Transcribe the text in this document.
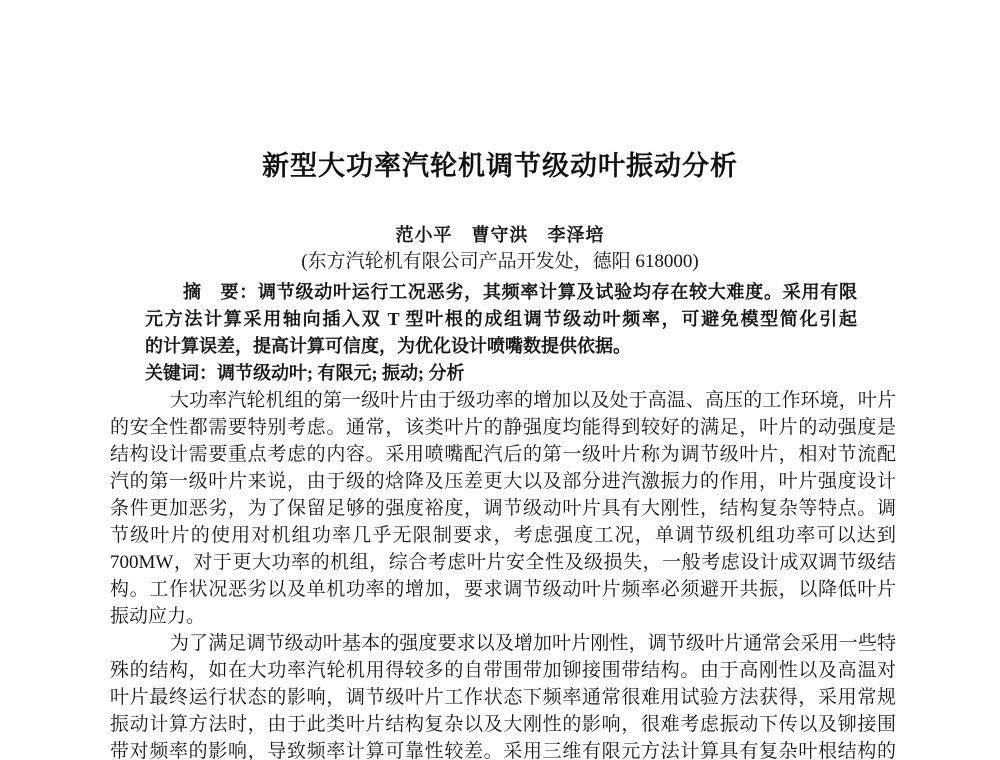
新型大功率汽轮机调节级动叶振动分析
范小平　曹守洪　李泽培
(东方汽轮机有限公司产品开发处，德阳 618000)
摘　要：调节级动叶运行工况恶劣，其频率计算及试验均存在较大难度。采用有限
元方法计算采用轴向插入双 T 型叶根的成组调节级动叶频率，可避免模型简化引起
的计算误差，提高计算可信度，为优化设计喷嘴数提供依据。
关键词：调节级动叶; 有限元; 振动; 分析
大功率汽轮机组的第一级叶片由于级功率的增加以及处于高温、高压的工作环境，叶片
的安全性都需要特别考虑。通常，该类叶片的静强度均能得到较好的满足，叶片的动强度是
结构设计需要重点考虑的内容。采用喷嘴配汽后的第一级叶片称为调节级叶片，相对节流配
汽的第一级叶片来说，由于级的焓降及压差更大以及部分进汽激振力的作用，叶片强度设计
条件更加恶劣，为了保留足够的强度裕度，调节级动叶片具有大刚性，结构复杂等特点。调
节级叶片的使用对机组功率几乎无限制要求，考虑强度工况，单调节级机组功率可以达到
700MW，对于更大功率的机组，综合考虑叶片安全性及级损失，一般考虑设计成双调节级结
构。工作状况恶劣以及单机功率的增加，要求调节级动叶片频率必须避开共振，以降低叶片
振动应力。
为了满足调节级动叶基本的强度要求以及增加叶片刚性，调节级叶片通常会采用一些特
殊的结构，如在大功率汽轮机用得较多的自带围带加铆接围带结构。由于高刚性以及高温对
叶片最终运行状态的影响，调节级叶片工作状态下频率通常很难用试验方法获得，采用常规
振动计算方法时，由于此类叶片结构复杂以及大刚性的影响，很难考虑振动下传以及铆接围
带对频率的影响，导致频率计算可靠性较差。采用三维有限元方法计算具有复杂叶根结构的
